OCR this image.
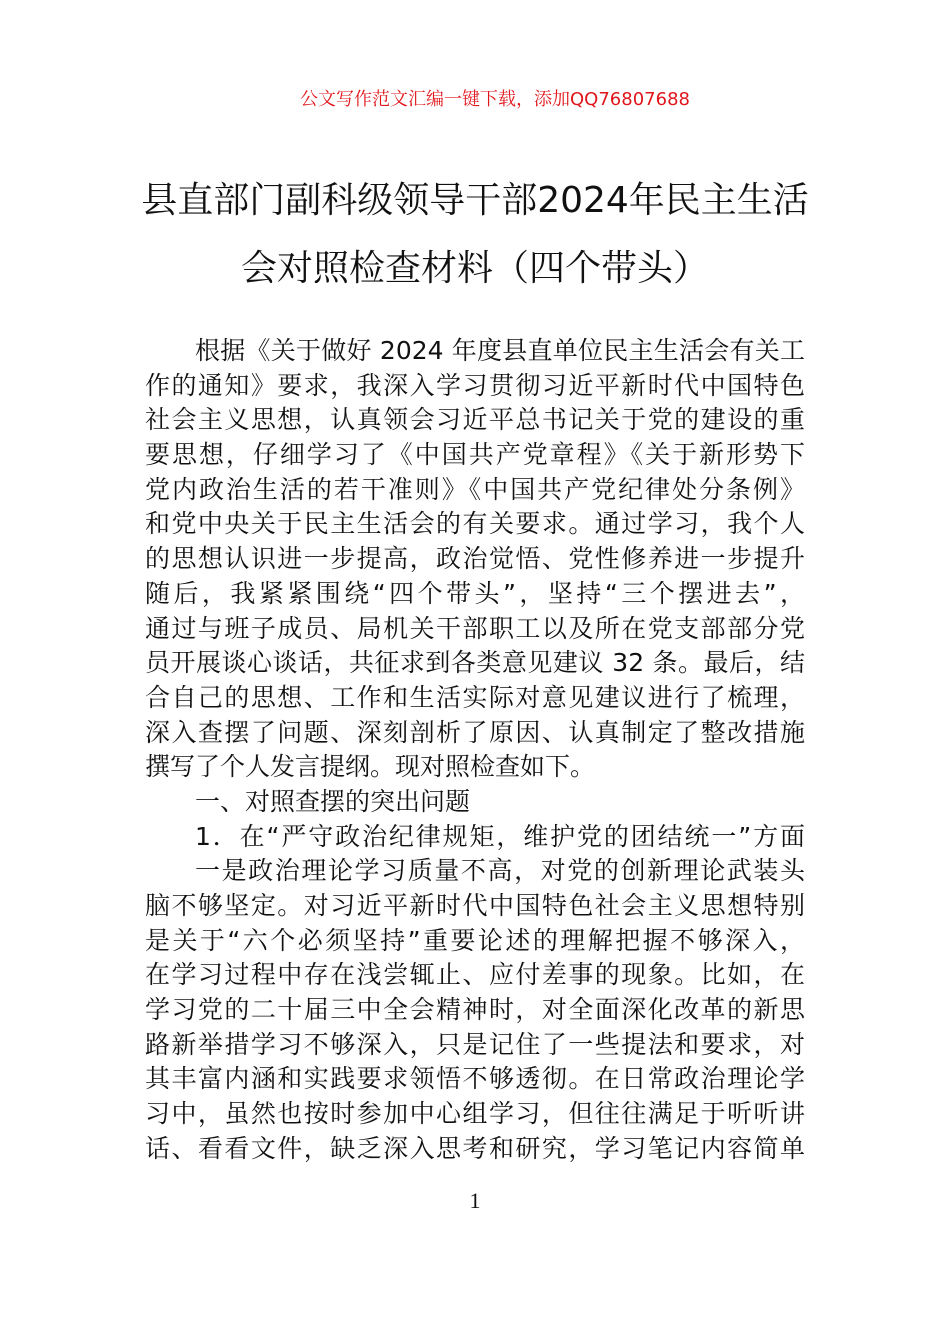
公文写作范文汇编一键下载，添加QQ76807688
县直部门副科级领导干部2024年民主生活
会对照检查材料（四个带头）
根据《关于做好 2024 年度县直单位民主生活会有关工
作的通知》要求，我深入学习贯彻习近平新时代中国特色
社会主义思想，认真领会习近平总书记关于党的建设的重
要思想，仔细学习了《中国共产党章程》《关于新形势下
党内政治生活的若干准则》《中国共产党纪律处分条例》
和党中央关于民主生活会的有关要求。通过学习，我个人
的思想认识进一步提高，政治觉悟、党性修养进一步提升
随后，我紧紧围绕“四个带头”，坚持“三个摆进去”，
通过与班子成员、局机关干部职工以及所在党支部部分党
员开展谈心谈话，共征求到各类意见建议 32 条。最后，结
合自己的思想、工作和生活实际对意见建议进行了梳理，
深入查摆了问题、深刻剖析了原因、认真制定了整改措施
撰写了个人发言提纲。现对照检查如下。
一、对照查摆的突出问题
1．在“严守政治纪律规矩，维护党的团结统一”方面
一是政治理论学习质量不高，对党的创新理论武装头
脑不够坚定。对习近平新时代中国特色社会主义思想特别
是关于“六个必须坚持”重要论述的理解把握不够深入，
在学习过程中存在浅尝辄止、应付差事的现象。比如，在
学习党的二十届三中全会精神时，对全面深化改革的新思
路新举措学习不够深入，只是记住了一些提法和要求，对
其丰富内涵和实践要求领悟不够透彻。在日常政治理论学
习中，虽然也按时参加中心组学习，但往往满足于听听讲
话、看看文件，缺乏深入思考和研究，学习笔记内容简单
1
